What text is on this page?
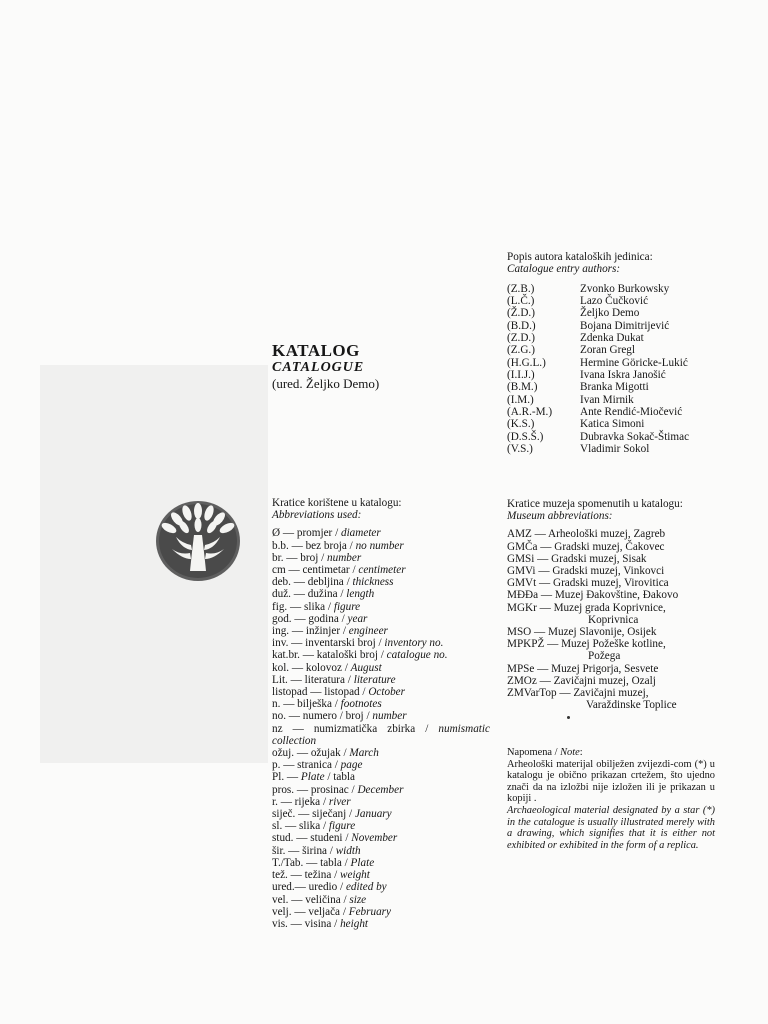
KATALOG
CATALOGUE
(ured. Željko Demo)
Popis autora kataloških jedinica:
Catalogue entry authors:
(Z.B.)	Zvonko Burkowsky
(L.Č.)	Lazo Čučković
(Ž.D.)	Željko Demo
(B.D.)	Bojana Dimitrijević
(Z.D.)	Zdenka Dukat
(Z.G.)	Zoran Gregl
(H.G.L.)	Hermine Göricke-Lukić
(I.I.J.)	Ivana Iskra Janošić
(B.M.)	Branka Migotti
(I.M.)	Ivan Mirnik
(A.R.-M.)	Ante Rendić-Miočević
(K.S.)	Katica Simoni
(D.S.Š.)	Dubravka Sokač-Štimac
(V.S.)	Vladimir Sokol
Kratice korištene u katalogu:
Abbreviations used:
Ø — promjer / diameter
b.b. — bez broja / no number
br. — broj / number
cm — centimetar / centimeter
deb. — debljina / thickness
duž. — dužina / length
fig. — slika / figure
god. — godina / year
ing. — inžinjer / engineer
inv. — inventarski broj / inventory no.
kat.br. — kataloški broj / catalogue no.
kol. — kolovoz / August
Lit. — literatura / literature
listopad — listopad / October
n. — bilješka / footnotes
no. — numero / broj / number
nz — numizmatička zbirka / numismatic collection
ožuj. — ožujak / March
p. — stranica / page
Pl. — Plate / tabla
pros. — prosinac / December
r. — rijeka / river
siječ. — siječanj / January
sl. — slika / figure
stud. — studeni / November
šir. — širina / width
T./Tab. — tabla / Plate
tež. — težina / weight
ured.— uredio / edited by
vel. — veličina / size
velj. — veljača / February
vis. — visina / height
Kratice muzeja spomenutih u katalogu:
Museum abbreviations:
AMZ — Arheološki muzej, Zagreb
GMČa — Gradski muzej, Čakovec
GMSi — Gradski muzej, Sisak
GMVi — Gradski muzej, Vinkovci
GMVt — Gradski muzej, Virovitica
MĐĐa — Muzej Đakovštine, Đakovo
MGKr — Muzej grada Koprivnice,
Koprivnica
MSO — Muzej Slavonije, Osijek
MPKPŽ — Muzej Požeške kotline,
Požega
MPSe — Muzej Prigorja, Sesvete
ZMOz — Zavičajni muzej, Ozalj
ZMVarTop — Zavičajni muzej,
Varaždinske Toplice

Napomena / Note:

Arheološki materijal obilježen zvijezdi-com (*) u katalogu je obično prikazan crtežem, što ujedno znači da na izložbi nije izložen ili je prikazan u kopiji .

Archaeological material designated by a star (*) in the catalogue is usually illustrated merely with a drawing, which signifies that it is either not exhibited or exhibited in the form of a replica.
